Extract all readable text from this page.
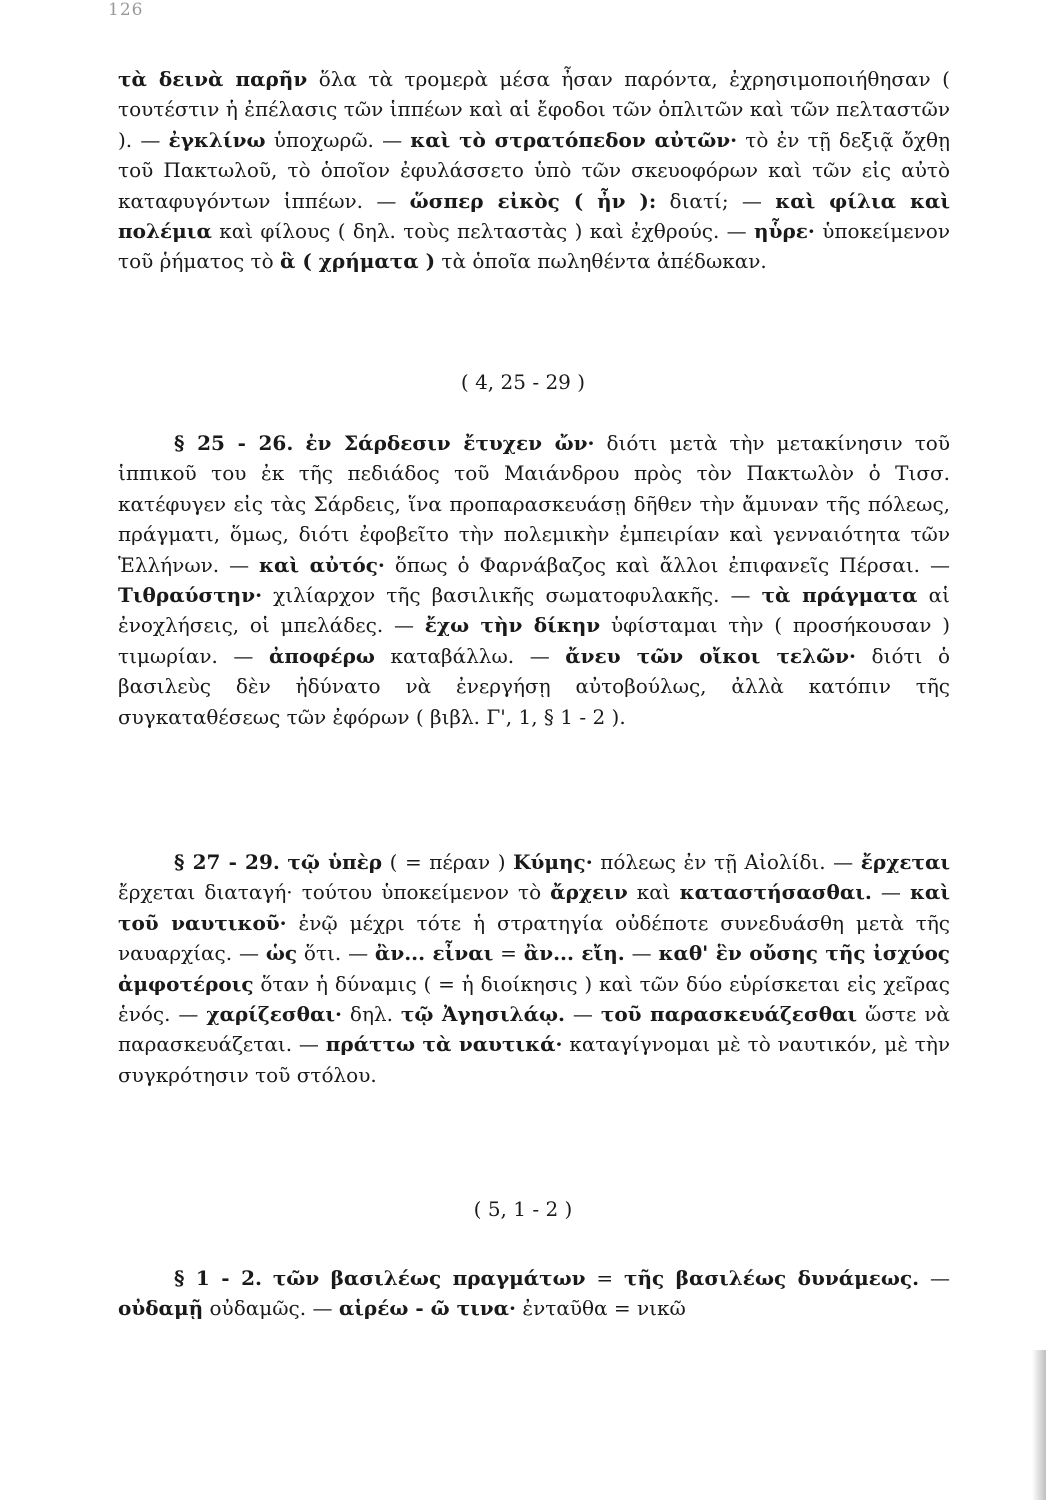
126
τὰ δεινὰ παρῆν ὅλα τὰ τρομερὰ μέσα ἦσαν παρόντα, ἐχρησιμοποιήθησαν ( τουτέστιν ἡ ἐπέλασις τῶν ἱππέων καὶ αἱ ἔφοδοι τῶν ὁπλιτῶν καὶ τῶν πελταστῶν ). — ἐγκλίνω ὑποχωρῶ. — καὶ τὸ στρατόπεδον αὐτῶν· τὸ ἐν τῇ δεξιᾷ ὄχθῃ τοῦ Πακτωλοῦ, τὸ ὁποῖον ἐφυλάσσετο ὑπὸ τῶν σκευοφόρων καὶ τῶν εἰς αὐτὸ καταφυγόντων ἱππέων. — ὥσπερ εἰκὸς ( ἦν ): διατί; — καὶ φίλια καὶ πολέμια καὶ φίλους ( δηλ. τοὺς πελταστὰς ) καὶ ἐχθρούς. — ηὗρε· ὑποκείμενον τοῦ ῥήματος τὸ ἃ ( χρήματα ) τὰ ὁποῖα πωληθέντα ἀπέδωκαν.
( 4, 25 - 29 )
§ 25 - 26. ἐν Σάρδεσιν ἔτυχεν ὤν· διότι μετὰ τὴν μετακίνησιν τοῦ ἱππικοῦ του ἐκ τῆς πεδιάδος τοῦ Μαιάνδρου πρὸς τὸν Πακτωλὸν ὁ Τισσ. κατέφυγεν εἰς τὰς Σάρδεις, ἵνα προπαρασκευάσῃ δῆθεν τὴν ἄμυναν τῆς πόλεως, πράγματι, ὅμως, διότι ἐφοβεῖτο τὴν πολεμικὴν ἐμπειρίαν καὶ γενναιότητα τῶν Ἑλλήνων. — καὶ αὐτός· ὅπως ὁ Φαρνάβαζος καὶ ἄλλοι ἐπιφανεῖς Πέρσαι. — Τιθραύστην· χιλίαρχον τῆς βασιλικῆς σωματοφυλακῆς. — τὰ πράγματα αἱ ἐνοχλήσεις, οἱ μπελάδες. — ἔχω τὴν δίκην ὑφίσταμαι τὴν ( προσήκουσαν ) τιμωρίαν. — ἀποφέρω καταβάλλω. — ἄνευ τῶν οἴκοι τελῶν· διότι ὁ βασιλεὺς δὲν ἠδύνατο νὰ ἐνεργήσῃ αὐτοβούλως, ἀλλὰ κατόπιν τῆς συγκαταθέσεως τῶν ἐφόρων ( βιβλ. Γ', 1, § 1 - 2 ).
§ 27 - 29. τῷ ὑπὲρ ( = πέραν ) Κύμης· πόλεως ἐν τῇ Αἰολίδι. — ἔρχεται ἔρχεται διαταγή· τούτου ὑποκείμενον τὸ ἄρχειν καὶ καταστήσασθαι. — καὶ τοῦ ναυτικοῦ· ἐνῷ μέχρι τότε ἡ στρατηγία οὐδέποτε συνεδυάσθη μετὰ τῆς ναυαρχίας. — ὡς ὅτι. — ἂν... εἶναι = ἂν... εἴη. — καθ' ἓν οὔσης τῆς ἰσχύος ἀμφοτέροις ὅταν ἡ δύναμις ( = ἡ διοίκησις ) καὶ τῶν δύο εὑρίσκεται εἰς χεῖρας ἑνός. — χαρίζεσθαι· δηλ. τῷ Ἀγησιλάῳ. — τοῦ παρασκευάζεσθαι ὥστε νὰ παρασκευάζεται. — πράττω τὰ ναυτικά· καταγίγνομαι μὲ τὸ ναυτικόν, μὲ τὴν συγκρότησιν τοῦ στόλου.
( 5, 1 - 2 )
§ 1 - 2. τῶν βασιλέως πραγμάτων = τῆς βασιλέως δυνάμεως. — οὐδαμῇ οὐδαμῶς. — αἱρέω - ῶ τινα· ἐνταῦθα = νικῶ
